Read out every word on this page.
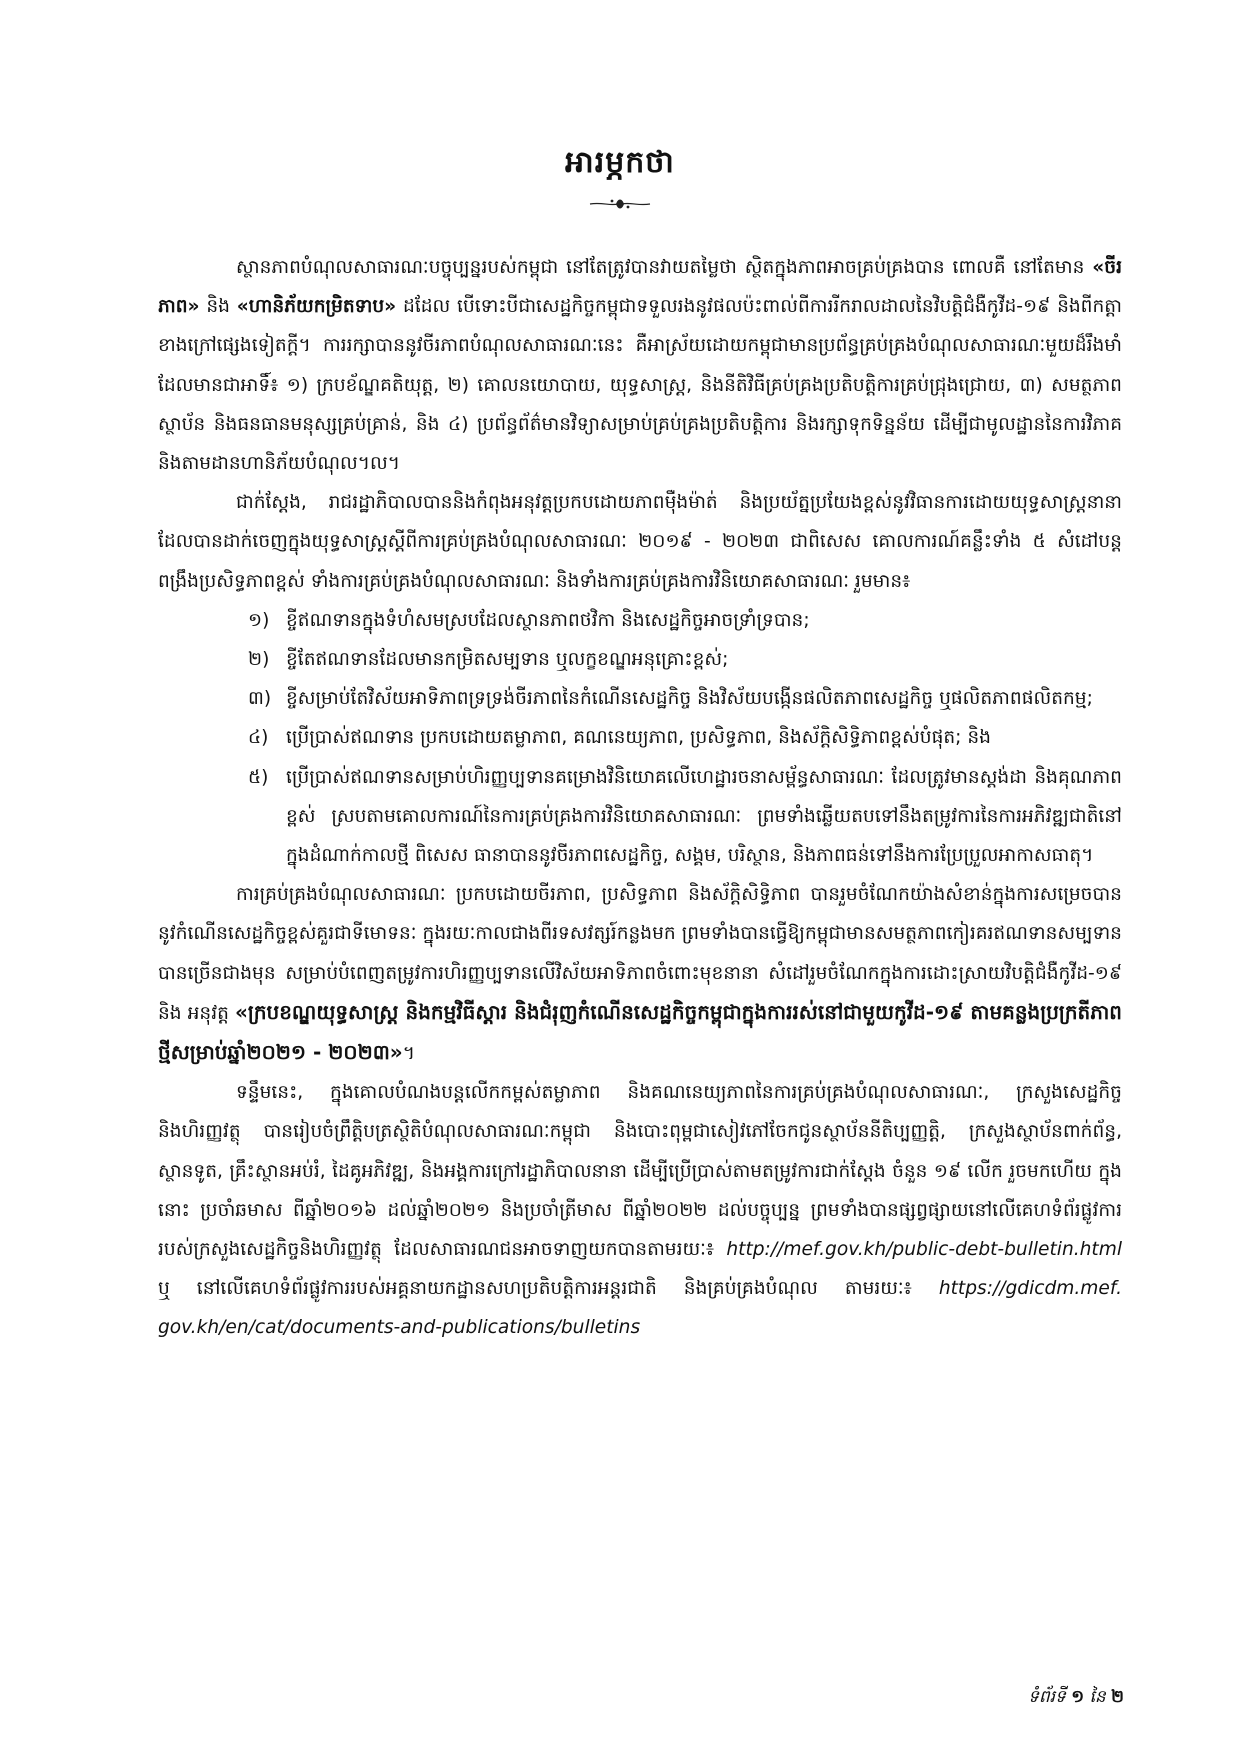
អារម្ភកថា

ស្ថានភាពបំណុលសាធារណៈបច្ចុប្បន្នរបស់កម្ពុជា នៅតែត្រូវបានវាយតម្លៃថា ស្ថិតក្នុងភាពអាចគ្រប់គ្រងបាន ពោលគឺ នៅតែមាន «ចីរភាព» និង «ហានិភ័យកម្រិតទាប» ដដែល បើទោះបីជាសេដ្ឋកិច្ចកម្ពុជាទទួលរងនូវផលប៉ះពាល់ពីការរីករាលដាលនៃវិបត្តិជំងឺកូវីដ-១៩ និងពីកត្តាខាងក្រៅផ្សេងទៀតក្តី។ ការរក្សាបាននូវចីរភាពបំណុលសាធារណៈនេះ គឺអាស្រ័យដោយកម្ពុជាមានប្រព័ន្ធគ្រប់គ្រងបំណុលសាធារណៈមួយដ៏រឹងមាំ ដែលមានជាអាទិ៍៖ ១) ក្របខ័ណ្ឌគតិយុត្ត, ២) គោលនយោបាយ, យុទ្ធសាស្ត្រ, និងនីតិវិធីគ្រប់គ្រងប្រតិបត្តិការគ្រប់ជ្រុងជ្រោយ, ៣) សមត្ថភាពស្ថាប័ន និងធនធានមនុស្សគ្រប់គ្រាន់, និង ៤) ប្រព័ន្ធព័ត៌មានវិទ្យាសម្រាប់គ្រប់គ្រងប្រតិបត្តិការ និងរក្សាទុកទិន្នន័យ ដើម្បីជាមូលដ្ឋាននៃការវិភាគ និងតាមដានហានិភ័យបំណុល។ល។

ជាក់ស្តែង, រាជរដ្ឋាភិបាលបាននិងកំពុងអនុវត្តប្រកបដោយភាពម៉ឺងម៉ាត់ និងប្រយ័ត្នប្រយែងខ្ពស់នូវវិធានការដោយយុទ្ធសាស្ត្រនានា ដែលបានដាក់ចេញក្នុងយុទ្ធសាស្ត្រស្តីពីការគ្រប់គ្រងបំណុលសាធារណៈ ២០១៩ - ២០២៣ ជាពិសេស គោលការណ៍គន្លឹះទាំង ៥ សំដៅបន្តពង្រឹងប្រសិទ្ធភាពខ្ពស់ ទាំងការគ្រប់គ្រងបំណុលសាធារណៈ និងទាំងការគ្រប់គ្រងការវិនិយោគសាធារណៈ រួមមាន៖

១) ខ្ចីឥណទានក្នុងទំហំសមស្របដែលស្ថានភាពថវិកា និងសេដ្ឋកិច្ចអាចទ្រាំទ្របាន;
២) ខ្ចីតែឥណទានដែលមានកម្រិតសម្បទាន ឬលក្ខខណ្ឌអនុគ្រោះខ្ពស់;
៣) ខ្ចីសម្រាប់តែវិស័យអាទិភាពទ្រទ្រង់ចីរភាពនៃកំណើនសេដ្ឋកិច្ច និងវិស័យបង្កើនផលិតភាពសេដ្ឋកិច្ច ឬផលិតភាពផលិតកម្ម;
៤) ប្រើប្រាស់ឥណទាន ប្រកបដោយតម្លាភាព, គណនេយ្យភាព, ប្រសិទ្ធភាព, និងស័ក្តិសិទ្ធិភាពខ្ពស់បំផុត; និង
៥) ប្រើប្រាស់ឥណទានសម្រាប់ហិរញ្ញប្បទានគម្រោងវិនិយោគលើហេដ្ឋារចនាសម្ព័ន្ធសាធារណៈ ដែលត្រូវមានស្តង់ដា និងគុណភាពខ្ពស់ ស្របតាមគោលការណ៍នៃការគ្រប់គ្រងការវិនិយោគសាធារណៈ ព្រមទាំងឆ្លើយតបទៅនឹងតម្រូវការនៃការអភិវឌ្ឍជាតិនៅក្នុងដំណាក់កាលថ្មី ពិសេស ធានាបាននូវចីរភាពសេដ្ឋកិច្ច, សង្គម, បរិស្ថាន, និងភាពធន់ទៅនឹងការប្រែប្រួលអាកាសធាតុ។

ការគ្រប់គ្រងបំណុលសាធារណៈ ប្រកបដោយចីរភាព, ប្រសិទ្ធភាព និងស័ក្តិសិទ្ធិភាព បានរួមចំណែកយ៉ាងសំខាន់ក្នុងការសម្រេចបាននូវកំណើនសេដ្ឋកិច្ចខ្ពស់គួរជាទីមោទនៈ ក្នុងរយៈកាលជាងពីរទសវត្សរ៍កន្លងមក ព្រមទាំងបានធ្វើឱ្យកម្ពុជាមានសមត្ថភាពកៀរគរឥណទានសម្បទានបានច្រើនជាងមុន សម្រាប់បំពេញតម្រូវការហិរញ្ញប្បទានលើវិស័យអាទិភាពចំពោះមុខនានា សំដៅរួមចំណែកក្នុងការដោះស្រាយវិបត្តិជំងឺកូវីដ-១៩ និង អនុវត្ត «ក្របខណ្ឌយុទ្ធសាស្ត្រ និងកម្មវិធីស្តារ និងជំរុញកំណើនសេដ្ឋកិច្ចកម្ពុជាក្នុងការរស់នៅជាមួយកូវីដ-១៩ តាមគន្លងប្រក្រតីភាពថ្មីសម្រាប់ឆ្នាំ២០២១ - ២០២៣»។

ទន្ទឹមនេះ, ក្នុងគោលបំណងបន្តលើកកម្ពស់តម្លាភាព និងគណនេយ្យភាពនៃការគ្រប់គ្រងបំណុលសាធារណៈ, ក្រសួងសេដ្ឋកិច្ចនិងហិរញ្ញវត្ថុ បានរៀបចំព្រឹត្តិបត្រស្ថិតិបំណុលសាធារណៈកម្ពុជា និងបោះពុម្ពជាសៀវភៅចែកជូនស្ថាប័ននីតិប្បញ្ញត្តិ, ក្រសួងស្ថាប័នពាក់ព័ន្ធ, ស្ថានទូត, គ្រឹះស្ថានអប់រំ, ដៃគូអភិវឌ្ឍ, និងអង្គការក្រៅរដ្ឋាភិបាលនានា ដើម្បីប្រើប្រាស់តាមតម្រូវការជាក់ស្តែង ចំនួន ១៩ លើក រួចមកហើយ ក្នុងនោះ ប្រចាំឆមាស ពីឆ្នាំ២០១៦ ដល់ឆ្នាំ២០២១ និងប្រចាំត្រីមាស ពីឆ្នាំ២០២២ ដល់បច្ចុប្បន្ន ព្រមទាំងបានផ្សព្វផ្សាយនៅលើគេហទំព័រផ្លូវការរបស់ក្រសួងសេដ្ឋកិច្ចនិងហិរញ្ញវត្ថុ ដែលសាធារណជនអាចទាញយកបានតាមរយៈ៖ http://mef.gov.kh/public-debt-bulletin.html ឬ នៅលើគេហទំព័រផ្លូវការរបស់អគ្គនាយកដ្ឋានសហប្រតិបត្តិការអន្តរជាតិ និងគ្រប់គ្រងបំណុល តាមរយៈ៖ https://gdicdm.mef. gov.kh/en/cat/documents-and-publications/bulletins

ទំព័រទី ១ នៃ ២
